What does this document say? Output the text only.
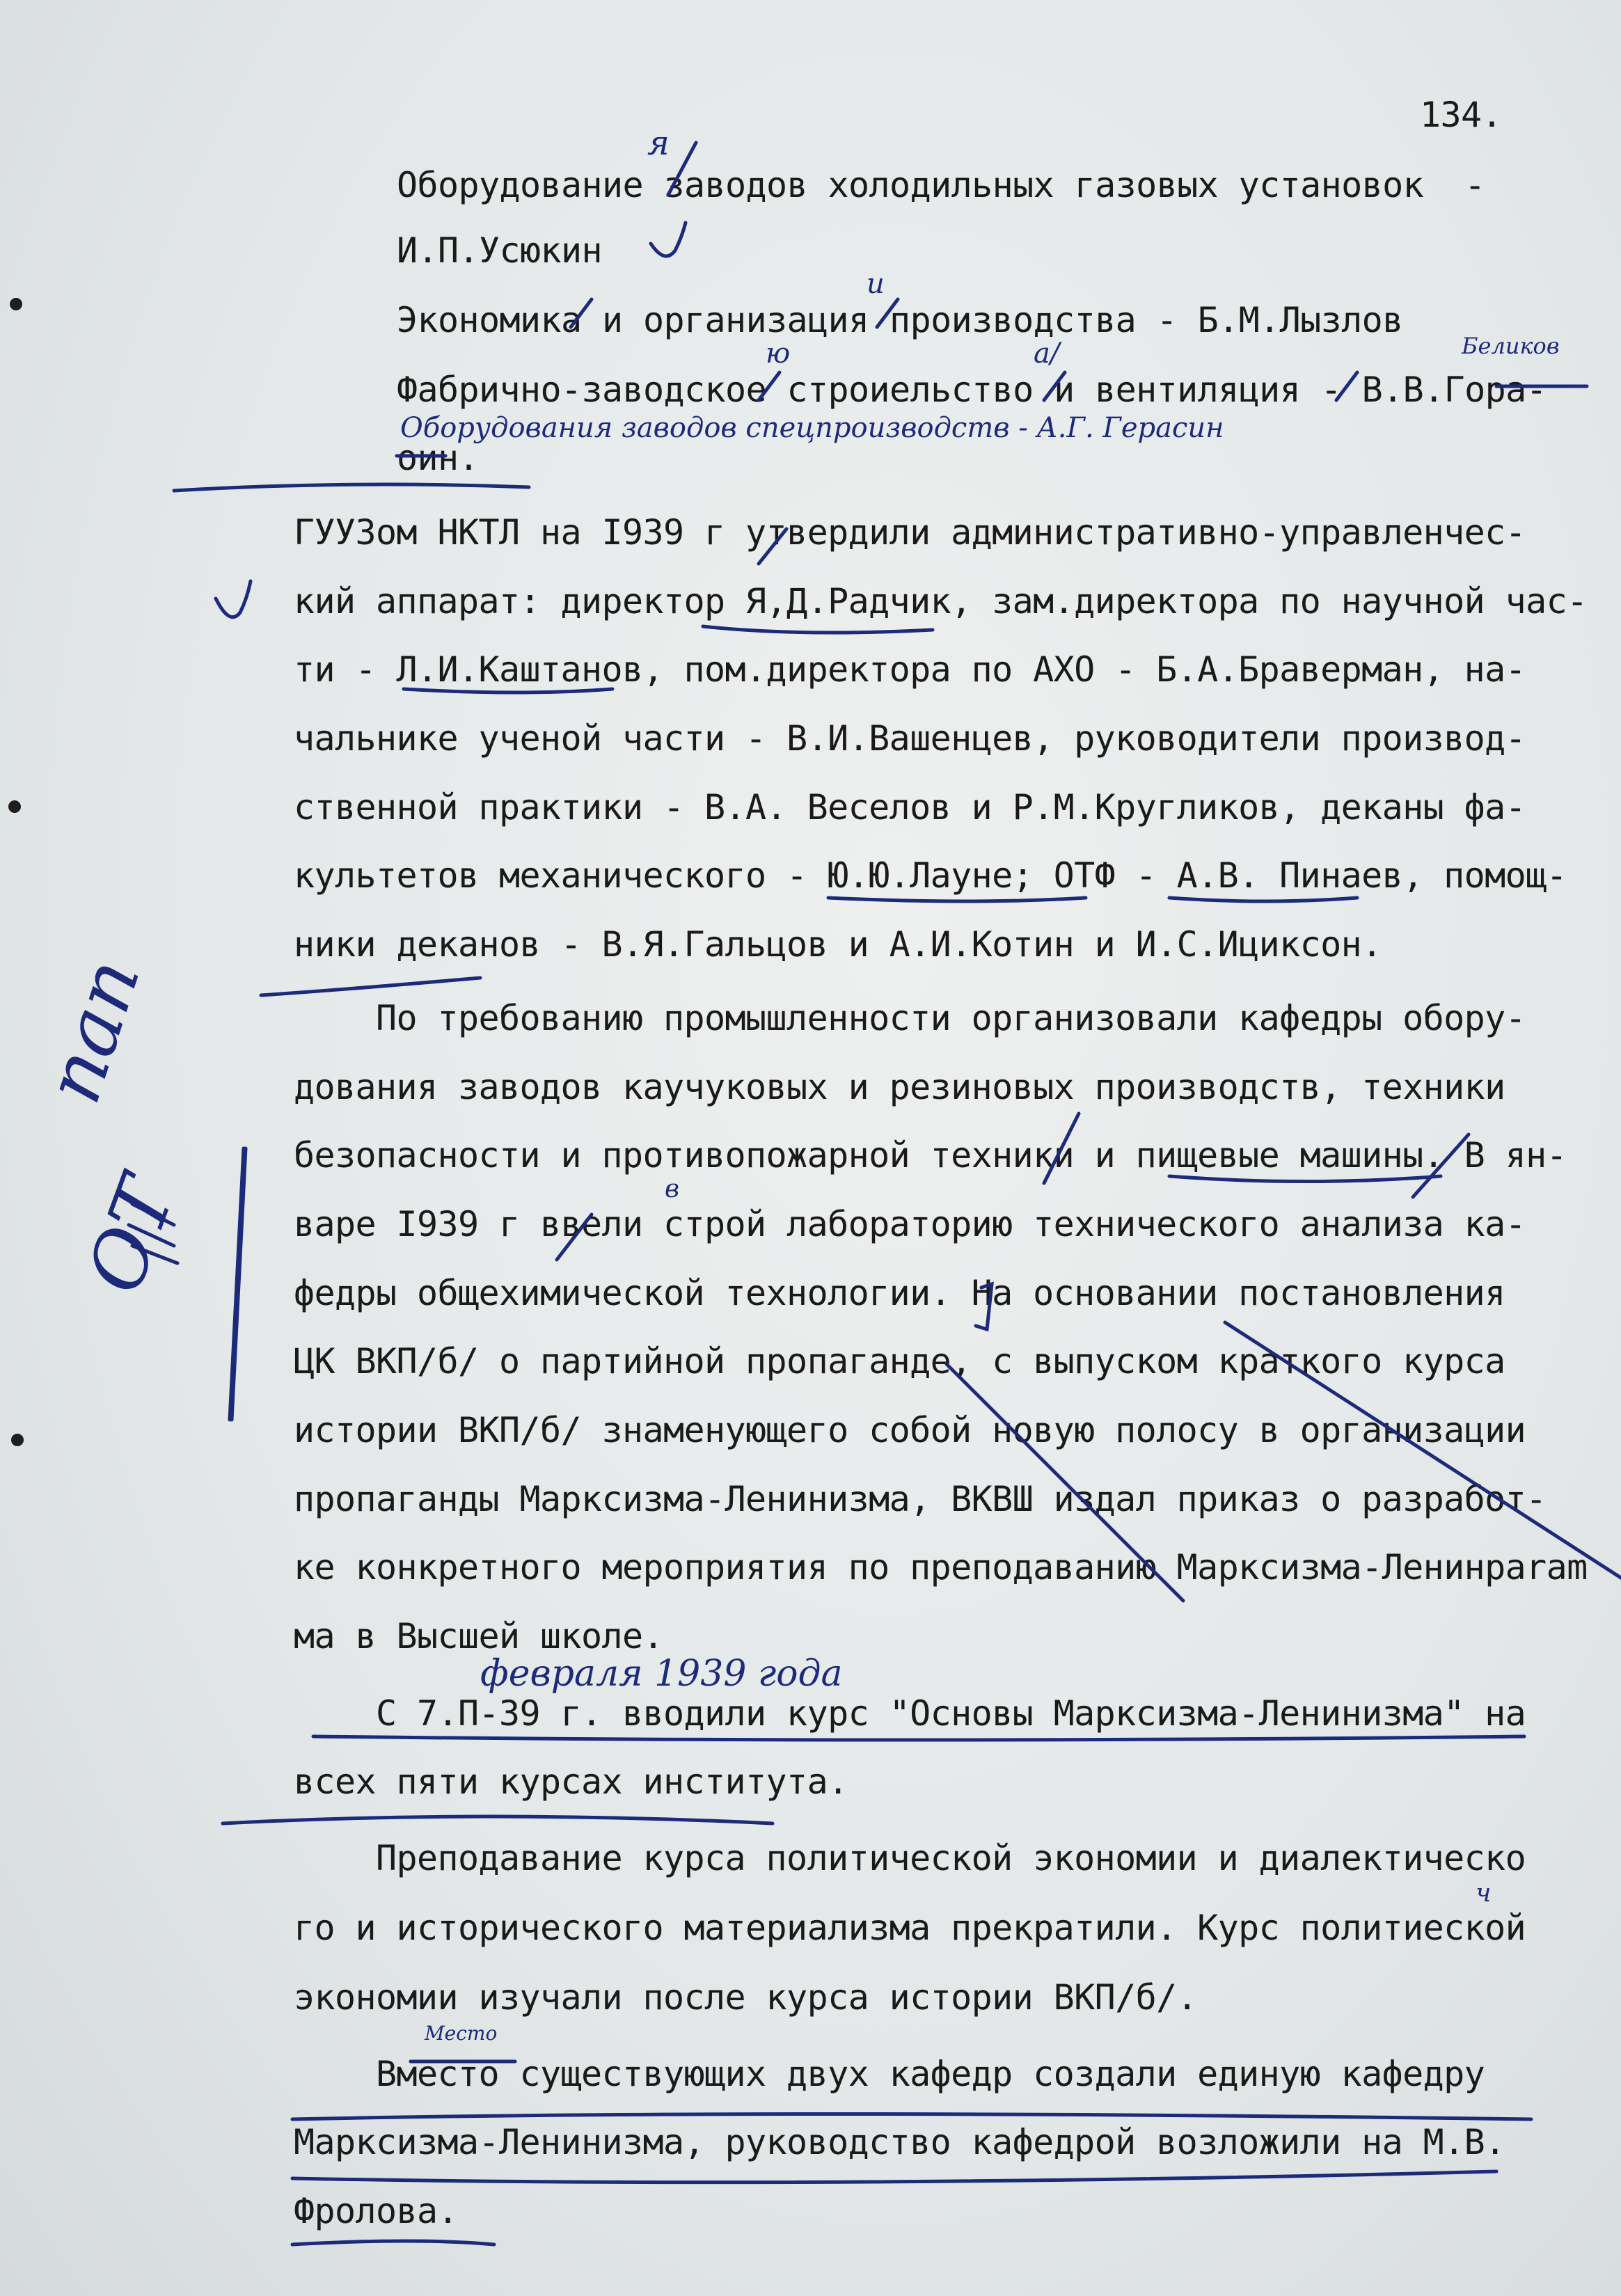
134.
Оборудование заводов холодильных газовых установок  -
И.П.Усюкин
Экономика и организация производства - Б.М.Лызлов
Фабрично-заводское строиельство и вентиляция - В.В.Гора-
оин.
ГУУЗом НКТЛ на I939 г утвердили административно-управленчес-
кий аппарат: директор Я,Д.Радчик, зам.директора по научной час-
ти - Л.И.Каштанов, пом.директора по АХО - Б.А.Браверман, на-
чальнике ученой части - В.И.Вашенцев, руководители производ-
ственной практики - В.А. Веселов и Р.М.Кругликов, деканы фа-
культетов механического - Ю.Ю.Лауне; ОТФ - А.В. Пинаев, помощ-
ники деканов - В.Я.Гальцов и А.И.Котин и И.С.Ициксон.
По требованию промышленности организовали кафедры обору-
дования заводов каучуковых и резиновых производств, техники
безопасности и противопожарной техники и пищевые машины. В ян-
варе I939 г ввели строй лабораторию технического анализа ка-
федры общехимической технологии. На основании постановления
ЦК ВКП/б/ о партийной пропаганде, с выпуском краткого курса
истории ВКП/б/ знаменующего собой новую полосу в организации
пропаганды Марксизма-Ленинизма, ВКВШ издал приказ о разработ-
ке конкретного мероприятия по преподаванию Марксизма-Ленинparam
ма в Высшей школе.
С 7.П-39 г. вводили курс "Основы Марксизма-Ленинизма" на
всех пяти курсах института.
Преподавание курса политической экономии и диалектическо
го и исторического материализма прекратили. Курс политиеской
экономии изучали после курса истории ВКП/б/.
Вместо существующих двух кафедр создали единую кафедру
Марксизма-Ленинизма, руководство кафедрой возложили на М.В.
Фролова.
Оборудования заводов спецпроизводств - А.Г. Герасин
Беликов
февраля 1939 года
Место
я
и
ю	а/
в
ч
пап
ОТ
